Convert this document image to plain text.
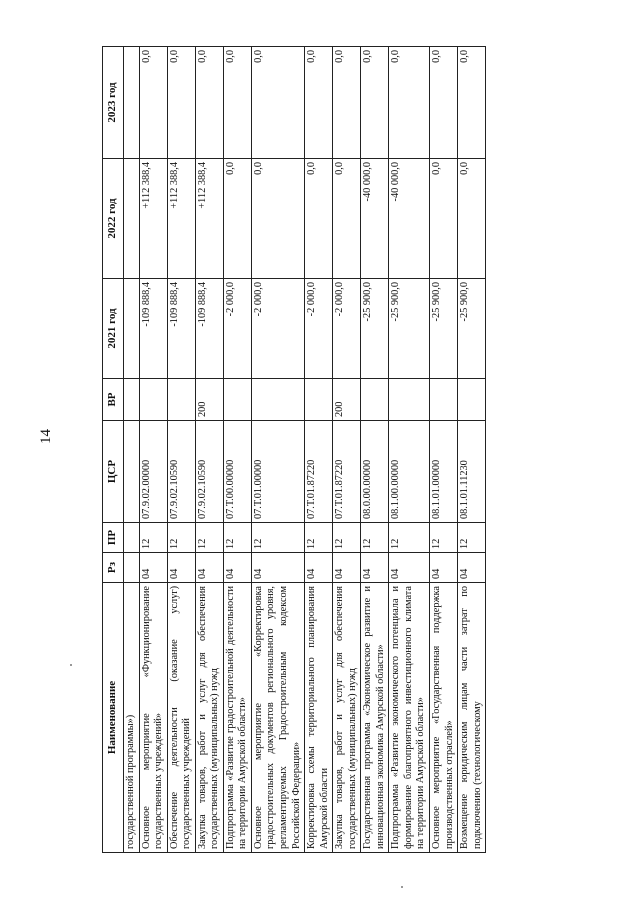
14
Наименование	Рз	ПР	ЦСР	ВР	2021 год	2022 год	2023 год
государственной программы»)							
Основное мероприятие «Функционирование государственных учреждений»	04	12	07.9.02.00000		-109 888,4	+112 388,4	0,0
Обеспечение деятельности (оказание услуг) государственных учреждений	04	12	07.9.02.10590		-109 888,4	+112 388,4	0,0
Закупка товаров, работ и услуг для обеспечения государственных (муниципальных) нужд	04	12	07.9.02.10590	200	-109 888,4	+112 388,4	0,0
Подпрограмма «Развитие градостроительной деятельности на территории Амурской области»	04	12	07.Т.00.00000		-2 000,0	0,0	0,0
Основное мероприятие «Корректировка градостроительных документов регионального уровня, регламентируемых Градостроительным кодексом Российской Федерации»	04	12	07.Т.01.00000		-2 000,0	0,0	0,0
Корректировка схемы территориального планирования Амурской области	04	12	07.Т.01.87220		-2 000,0	0,0	0,0
Закупка товаров, работ и услуг для обеспечения государственных (муниципальных) нужд	04	12	07.Т.01.87220	200	-2 000,0	0,0	0,0
Государственная программа «Экономическое развитие и инновационная экономика Амурской области»	04	12	08.0.00.00000		-25 900,0	-40 000,0	0,0
Подпрограмма «Развитие экономического потенциала и формирование благоприятного инвестиционного климата на территории Амурской области»	04	12	08.1.00.00000		-25 900,0	-40 000,0	0,0
Основное мероприятие «Государственная поддержка производственных отраслей»	04	12	08.1.01.00000		-25 900,0	0,0	0,0
Возмещение юридическим лицам части затрат по подключению (технологическому	04	12	08.1.01.11230		-25 900,0	0,0	0,0
